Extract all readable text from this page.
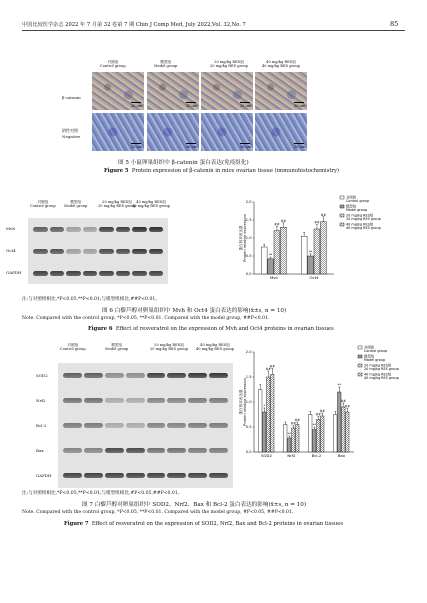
中国比较医学杂志 2022 年 7 月第 32 卷第 7 期 Chin J Comp Med, July 2022,Vol. 32,No. 7	85
对照组
Control group
模型组
Model group
20 mg/kg RES组
20 mg/kg RES group
40 mg/kg RES组
40 mg/kg RES group
β-catenin
阴性对照
Negative
20 μm	20 μm	20 μm	20 μm
20 μm	20 μm	20 μm	20 μm
图 5 小鼠卵巢组织中 β-catenin 蛋白表达(免疫组化)
Figure 5 Protein expression of β-catenin in mice ovarian tissue (immunohistochemistry)
对照组
Control group
模型组
Model group
20 mg/kg RES组
20 mg/kg RES group
40 mg/kg RES组
40 mg/kg RES group
Mvh
Oct4
GAPDH	0.0
0.5
1.0
1.5
2.0
蛋白相对表达量Protein relative expression	**
##
##
Mvh
**
##
##
Oct4
对照组 Control group
模型组 Model group
20 mg/kg RES组 20 mg/kg RES group
40 mg/kg RES组 40 mg/kg RES group
图 6 白藜芦醇对卵巢组织中 Mvh 和 Oct4 蛋白表达的影响(x̄±s, n = 10)
注:与对照组相比,*P<0.05,**P<0.01;与模型组相比,##P<0.01。
Note. Compared with the control group, *P<0.05, **P<0.01. Compared with the model group, ##P<0.01.
Figure 6 Effect of resveratrol on the expression of Mvh and Oct4 proteins in ovarian tissues
对照组
Control group
模型组
Model group
20 mg/kg RES组
20 mg/kg RES group
40 mg/kg RES组
40 mg/kg RES group
SOD2
Nrf2
Bcl-2
Bax
GAPDH
0.0
0.5
1.0
1.5
2.0
蛋白相对表达量Protein relative expression	*
##
##
SOD2
**
##
##
Nrf2
**
##
##
Bcl-2
**
##
##
Bax
对照组 Control group
模型组 Model group
20 mg/kg RES组 20 mg/kg RES group
40 mg/kg RES组 40 mg/kg RES group
注:与对照组相比,*P<0.05,**P<0.01;与模型组相比,#P<0.05,##P<0.01。
图 7 白藜芦醇对卵巢组织中 SOD2、Nrf2、Bax 和 Bcl-2 蛋白表达的影响(x̄±s, n = 10)
Note. Compared with the control group, *P<0.05, **P<0.01. Compared with the model group, #P<0.05, ##P<0.01.
Figure 7 Effect of resveratrol on the expression of SOD2, Nrf2, Bax and Bcl-2 proteins in ovarian tissues
